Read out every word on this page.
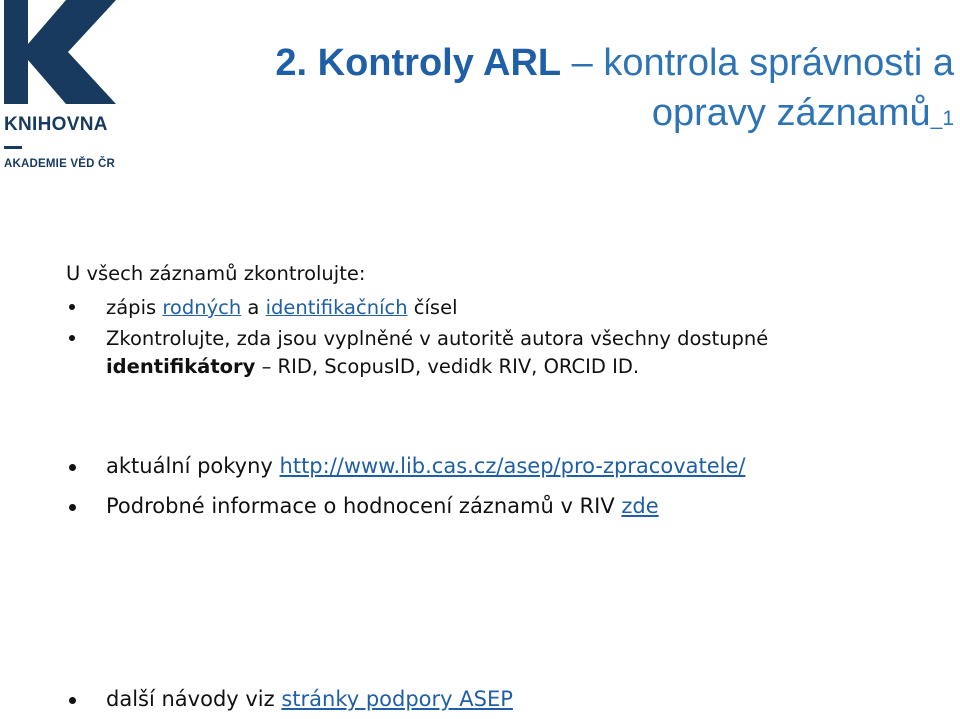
KNIHOVNA
AKADEMIE VĚD ČR
2. Kontroly ARL – kontrola správnosti a
opravy záznamů_1
U všech záznamů zkontrolujte:
zápis rodných a identifikačních čísel
Zkontrolujte, zda jsou vyplněné v autoritě autora všechny dostupné
identifikátory – RID, ScopusID, vedidk RIV, ORCID ID.
aktuální pokyny http://www.lib.cas.cz/asep/pro-zpracovatele/
Podrobné informace o hodnocení záznamů v RIV zde
další návody viz stránky podpory ASEP
